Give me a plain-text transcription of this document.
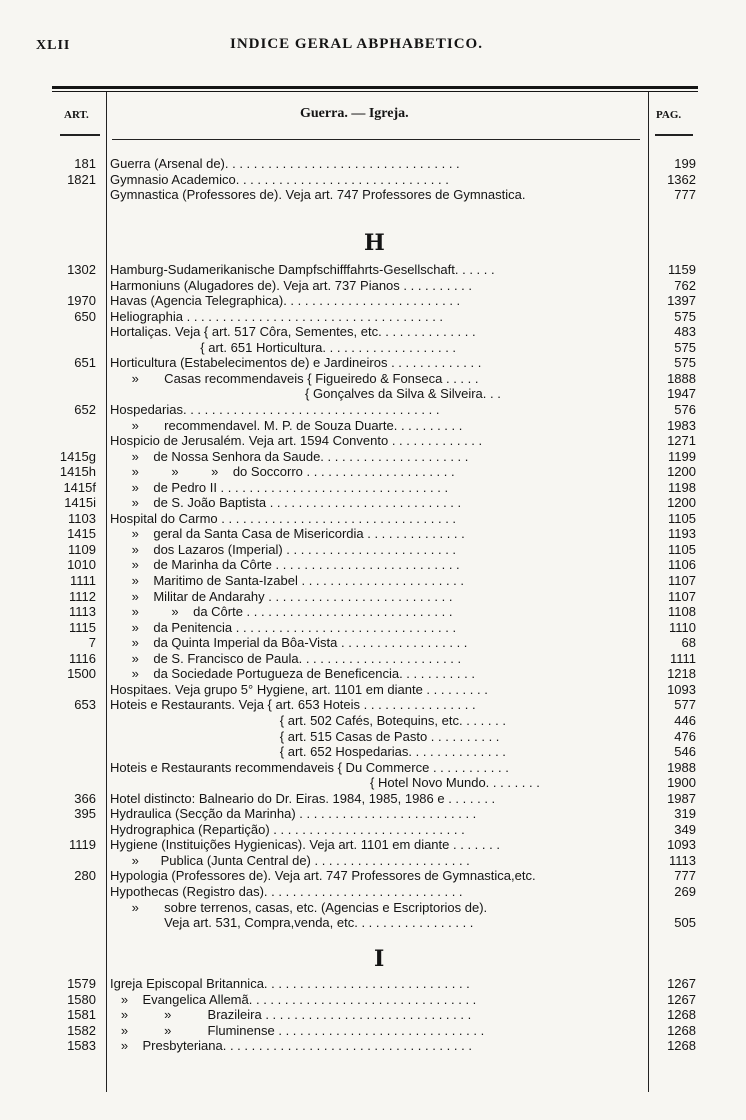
XLII	INDICE GERAL ABPHABETICO.
ART.	Guerra. — Igreja.	PAG.
181 Guerra (Arsenal de). . . . . . . . . . . . . . . . . . . . . . . . . . . . . . . . .	199
1821 Gymnasio Academico. . . . . . . . . . . . . . . . . . . . . . . . . . . . . .	1362
Gymnastica (Professores de). Veja art. 747 Professores de Gymnastica.	777
H
1302 Hamburg-Sudamerikanische Dampfschifffahrts-Gesellschaft. . . . . .	1159
Harmoniuns (Alugadores de). Veja art. 737 Pianos . . . . . . . . . .	762
1970 Havas (Agencia Telegraphica). . . . . . . . . . . . . . . . . . . . . . . . .	1397
650 Heliographia . . . . . . . . . . . . . . . . . . . . . . . . . . . . . . . . . . . .	575
Hortaliças. Veja { art. 517 Côra, Sementes, etc. . . . . . . . . . . . . .	483
{ art. 651 Horticultura. . . . . . . . . . . . . . . . . . .	575
651 Horticultura (Estabelecimentos de) e Jardineiros . . . . . . . . . . . . .	575
»       Casas recommendaveis { Figueiredo & Fonseca . . . . .	1888
{ Gonçalves da Silva & Silveira. . .	1947
652 Hospedarias. . . . . . . . . . . . . . . . . . . . . . . . . . . . . . . . . . . .	576
»       recommendavel. M. P. de Souza Duarte. . . . . . . . . .	1983
Hospicio de Jerusalém. Veja art. 1594 Convento . . . . . . . . . . . . .	1271
1415g »    de Nossa Senhora da Saude. . . . . . . . . . . . . . . . . . . . .	1199
1415h »         »         »    do Soccorro . . . . . . . . . . . . . . . . . . . . .	1200
1415f »    de Pedro II . . . . . . . . . . . . . . . . . . . . . . . . . . . . . . . .	1198
1415i »    de S. João Baptista . . . . . . . . . . . . . . . . . . . . . . . . . . .	1200
1103 Hospital do Carmo . . . . . . . . . . . . . . . . . . . . . . . . . . . . . . . . .	1105
1415 »    geral da Santa Casa de Misericordia . . . . . . . . . . . . . .	1193
1109 »    dos Lazaros (Imperial) . . . . . . . . . . . . . . . . . . . . . . . .	1105
1010 »    de Marinha da Côrte . . . . . . . . . . . . . . . . . . . . . . . . . .	1106
1111 »    Maritimo de Santa-Izabel . . . . . . . . . . . . . . . . . . . . . . .	1107
1112 »    Militar de Andarahy . . . . . . . . . . . . . . . . . . . . . . . . . .	1107
1113 »         »    da Côrte . . . . . . . . . . . . . . . . . . . . . . . . . . . . .	1108
1115 »    da Penitencia . . . . . . . . . . . . . . . . . . . . . . . . . . . . . . .	1110
7 »    da Quinta Imperial da Bôa-Vista . . . . . . . . . . . . . . . . . .	68
1116 »    de S. Francisco de Paula. . . . . . . . . . . . . . . . . . . . . . .	1111
1500 »    da Sociedade Portugueza de Beneficencia. . . . . . . . . . .	1218
Hospitaes. Veja grupo 5° Hygiene, art. 1101 em diante . . . . . . . . .	1093
653 Hoteis e Restaurants. Veja { art. 653 Hoteis . . . . . . . . . . . . . . . .	577
{ art. 502 Cafés, Botequins, etc. . . . . . .	446
{ art. 515 Casas de Pasto . . . . . . . . . .	476
{ art. 652 Hospedarias. . . . . . . . . . . . . .	546
Hoteis e Restaurants recommendaveis { Du Commerce . . . . . . . . . . .	1988
{ Hotel Novo Mundo. . . . . . . .	1900
366 Hotel distincto: Balneario do Dr. Eiras. 1984, 1985, 1986 e . . . . . . .	1987
395 Hydraulica (Secção da Marinha) . . . . . . . . . . . . . . . . . . . . . . . . .	319
Hydrographica (Repartição) . . . . . . . . . . . . . . . . . . . . . . . . . . .	349
1119 Hygiene (Instituições Hygienicas). Veja art. 1101 em diante . . . . . . .	1093
»      Publica (Junta Central de) . . . . . . . . . . . . . . . . . . . . . .	1113
280 Hypologia (Professores de). Veja art. 747 Professores de Gymnastica,etc.	777
Hypothecas (Registro das). . . . . . . . . . . . . . . . . . . . . . . . . . . .	269
»       sobre terrenos, casas, etc. (Agencias e Escriptorios de).
Veja art. 531, Compra,venda, etc. . . . . . . . . . . . . . . . .	505
I
1579 Igreja Episcopal Britannica. . . . . . . . . . . . . . . . . . . . . . . . . . . . .	1267
1580 »    Evangelica Allemã. . . . . . . . . . . . . . . . . . . . . . . . . . . . . . . .	1267
1581 »          »          Brazileira . . . . . . . . . . . . . . . . . . . . . . . . . . . . .	1268
1582 »          »          Fluminense . . . . . . . . . . . . . . . . . . . . . . . . . . . . .	1268
1583 »    Presbyteriana. . . . . . . . . . . . . . . . . . . . . . . . . . . . . . . . . . .	1268
